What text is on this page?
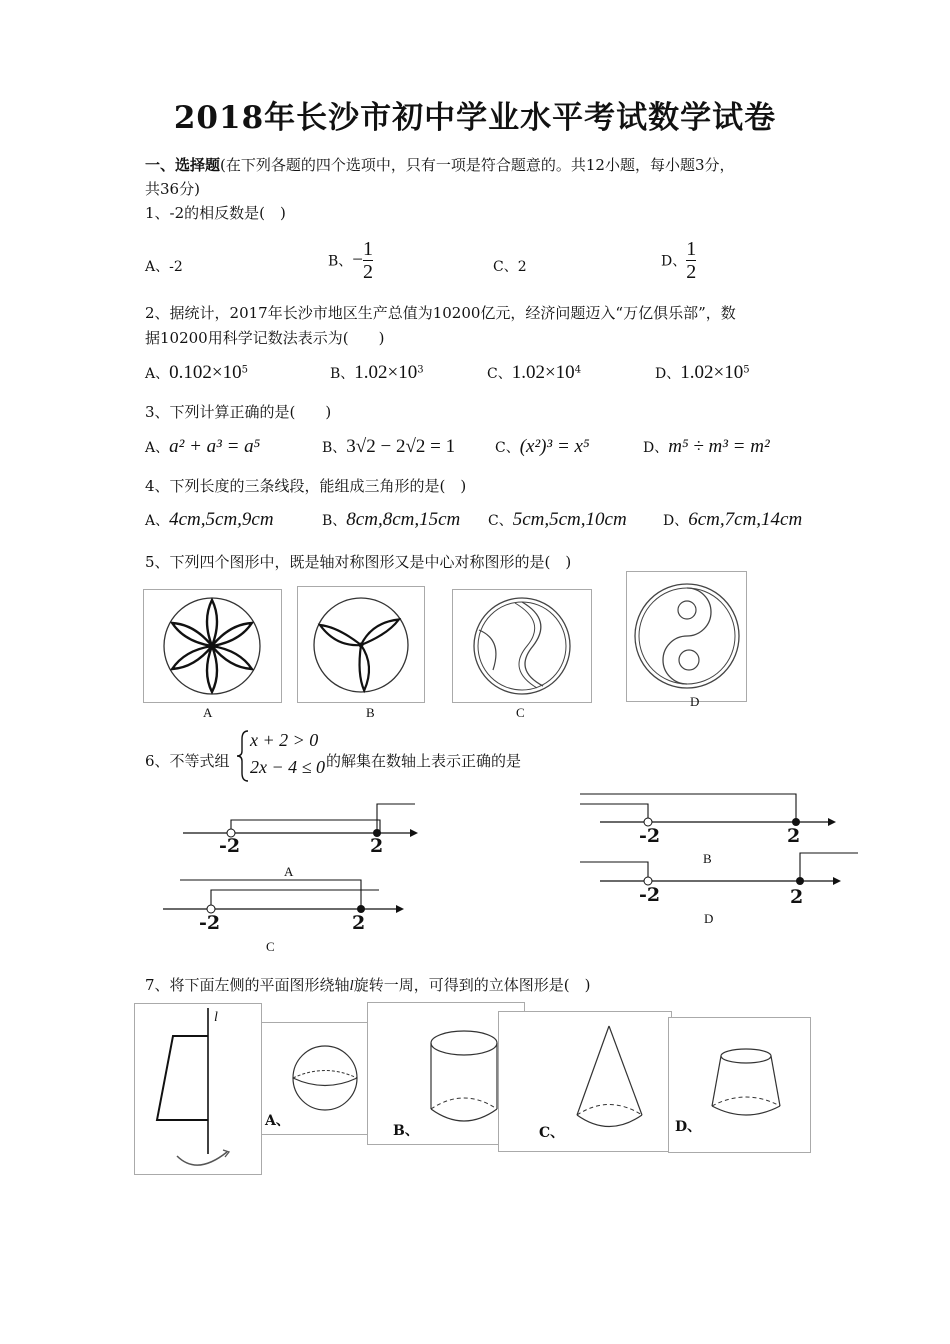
2018年长沙市初中学业水平考试数学试卷
一、选择题(在下列各题的四个选项中，只有一项是符合题意的。共12小题，每小题3分，
共36分)
1、-2的相反数是(　)
A、-2	B、− $\frac{1}{2}$	C、2	D、 $\frac{1}{2}$
2、据统计，2017年长沙市地区生产总值为10200亿元，经济问题迈入“万亿俱乐部”，数
据10200用科学记数法表示为(　　)
A、$0.102\times 10^5$	B、$1.02\times 10^3$	C、$1.02\times 10^4$	D、$1.02\times 10^5$
3、下列计算正确的是(　　)
A、a² + a³ = a⁵	B、3√2 − 2√2 = 1	C、(x²)³ = x⁵	D、m⁵ ÷ m³ = m²
4、下列长度的三条线段，能组成三角形的是(　)
A、4cm,5cm,9cm	B、8cm,8cm,15cm C、5cm,5cm,10cm	D、6cm,7cm,14cm
5、下列四个图形中，既是轴对称图形又是中心对称图形的是(　)
A	B	C
D
6、不等式组
x + 2 > 0
2x − 4 ≤ 0 的解集在数轴上表示正确的是
-2	2
A
-2	2
C
-2	2
B
-2	2
D
7、将下面左侧的平面图形绕轴l旋转一周，可得到的立体图形是(　)
l
A、
B、	C、	D、
